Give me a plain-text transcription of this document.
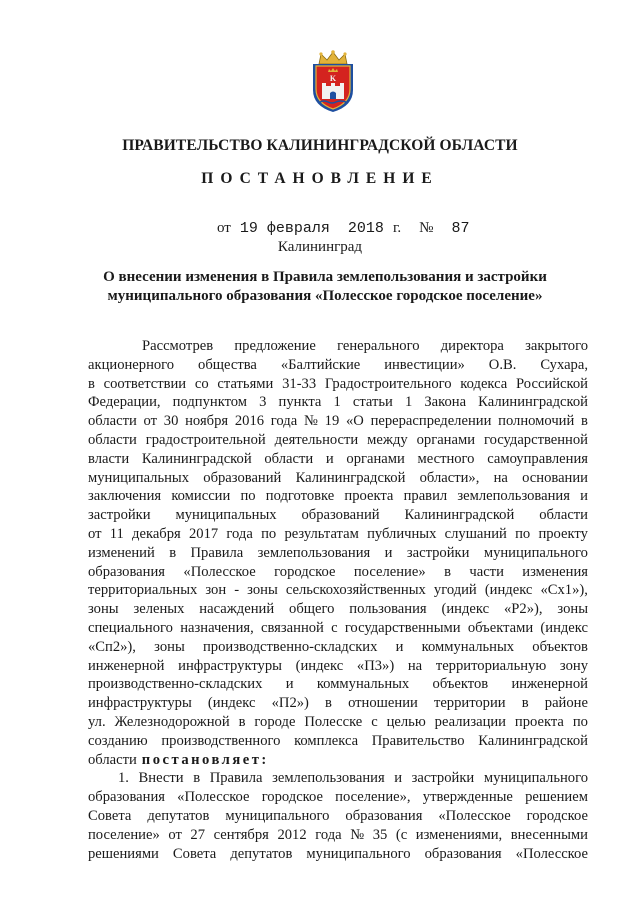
K
ПРАВИТЕЛЬСТВО КАЛИНИНГРАДСКОЙ ОБЛАСТИ
ПОСТАНОВЛЕНИЕ
от 19 февраля 2018 г. № 87
Калининград
О внесении изменения в Правила землепользования и застройки
муниципального образования «Полесское городское поселение»
Рассмотрев предложение генерального директора закрытого
акционерного общества «Балтийские инвестиции» О.В. Сухара,
в соответствии со статьями 31-33 Градостроительного кодекса Российской
Федерации, подпунктом 3 пункта 1 статьи 1 Закона Калининградской
области от 30 ноября 2016 года № 19 «О перераспределении полномочий в
области градостроительной деятельности между органами государственной
власти Калининградской области и органами местного самоуправления
муниципальных образований Калининградской области», на основании
заключения комиссии по подготовке проекта правил землепользования и
застройки муниципальных образований Калининградской области
от 11 декабря 2017 года по результатам публичных слушаний по проекту
изменений в Правила землепользования и застройки муниципального
образования «Полесское городское поселение» в части изменения
территориальных зон - зоны сельскохозяйственных угодий (индекс «Сх1»),
зоны зеленых насаждений общего пользования (индекс «Р2»), зоны
специального назначения, связанной с государственными объектами (индекс
«Сп2»), зоны производственно-складских и коммунальных объектов
инженерной инфраструктуры (индекс «П3») на территориальную зону
производственно-складских и коммунальных объектов инженерной
инфраструктуры (индекс «П2») в отношении территории в районе
ул. Железнодорожной в городе Полесске с целью реализации проекта по
созданию производственного комплекса Правительство Калининградской
области постановляет:
1. Внести в Правила землепользования и застройки муниципального
образования «Полесское городское поселение», утвержденные решением
Совета депутатов муниципального образования «Полесское городское
поселение» от 27 сентября 2012 года № 35 (с изменениями, внесенными
решениями Совета депутатов муниципального образования «Полесское
